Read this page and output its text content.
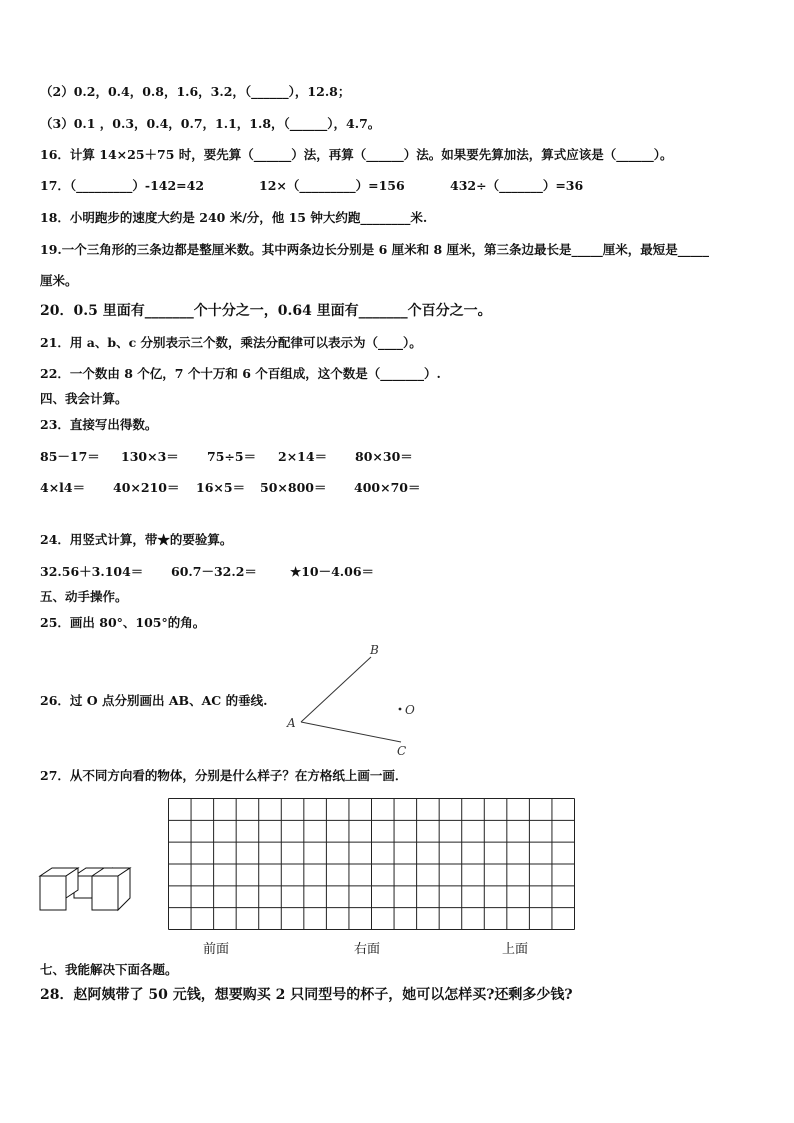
（2）0.2，0.4，0.8，1.6，3.2，（______），12.8；
（3）0.1 ，0.3，0.4，0.7，1.1，1.8，（______），4.7。
16．计算 14×25＋75 时，要先算（______）法，再算（______）法。如果要先算加法，算式应该是（______）。
17．（_________）-142=42	12×（_________）=156	432÷（_______）=36
18．小明跑步的速度大约是 240 米/分，他 15 钟大约跑________米.
19.一个三角形的三条边都是整厘米数。其中两条边长分别是 6 厘米和 8 厘米，第三条边最长是_____厘米，最短是_____
厘米。
20．0.5 里面有_______个十分之一，0.64 里面有_______个百分之一。
21．用 a、b、c 分别表示三个数，乘法分配律可以表示为（____）。
22．一个数由 8 个亿，7 个十万和 6 个百组成，这个数是（_______）.
四、我会计算。
23．直接写出得数。
85－17＝ 130×3＝ 75÷5＝ 2×14＝ 80×30＝
4×l4＝ 40×210＝ 16×5＝ 50×800＝ 400×70＝
24．用竖式计算，带★的要验算。
32.56＋3.104＝ 60.7－32.2＝	★10－4.06＝
五、动手操作。
25．画出 80°、105°的角。
26．过 O 点分别画出 AB、AC 的垂线.
A
B
C
O
27．从不同方向看的物体，分别是什么样子？在方格纸上画一画．
前面	右面	上面
七、我能解决下面各题。
28．赵阿姨带了 50 元钱，想要购买 2 只同型号的杯子，她可以怎样买?还剩多少钱?
